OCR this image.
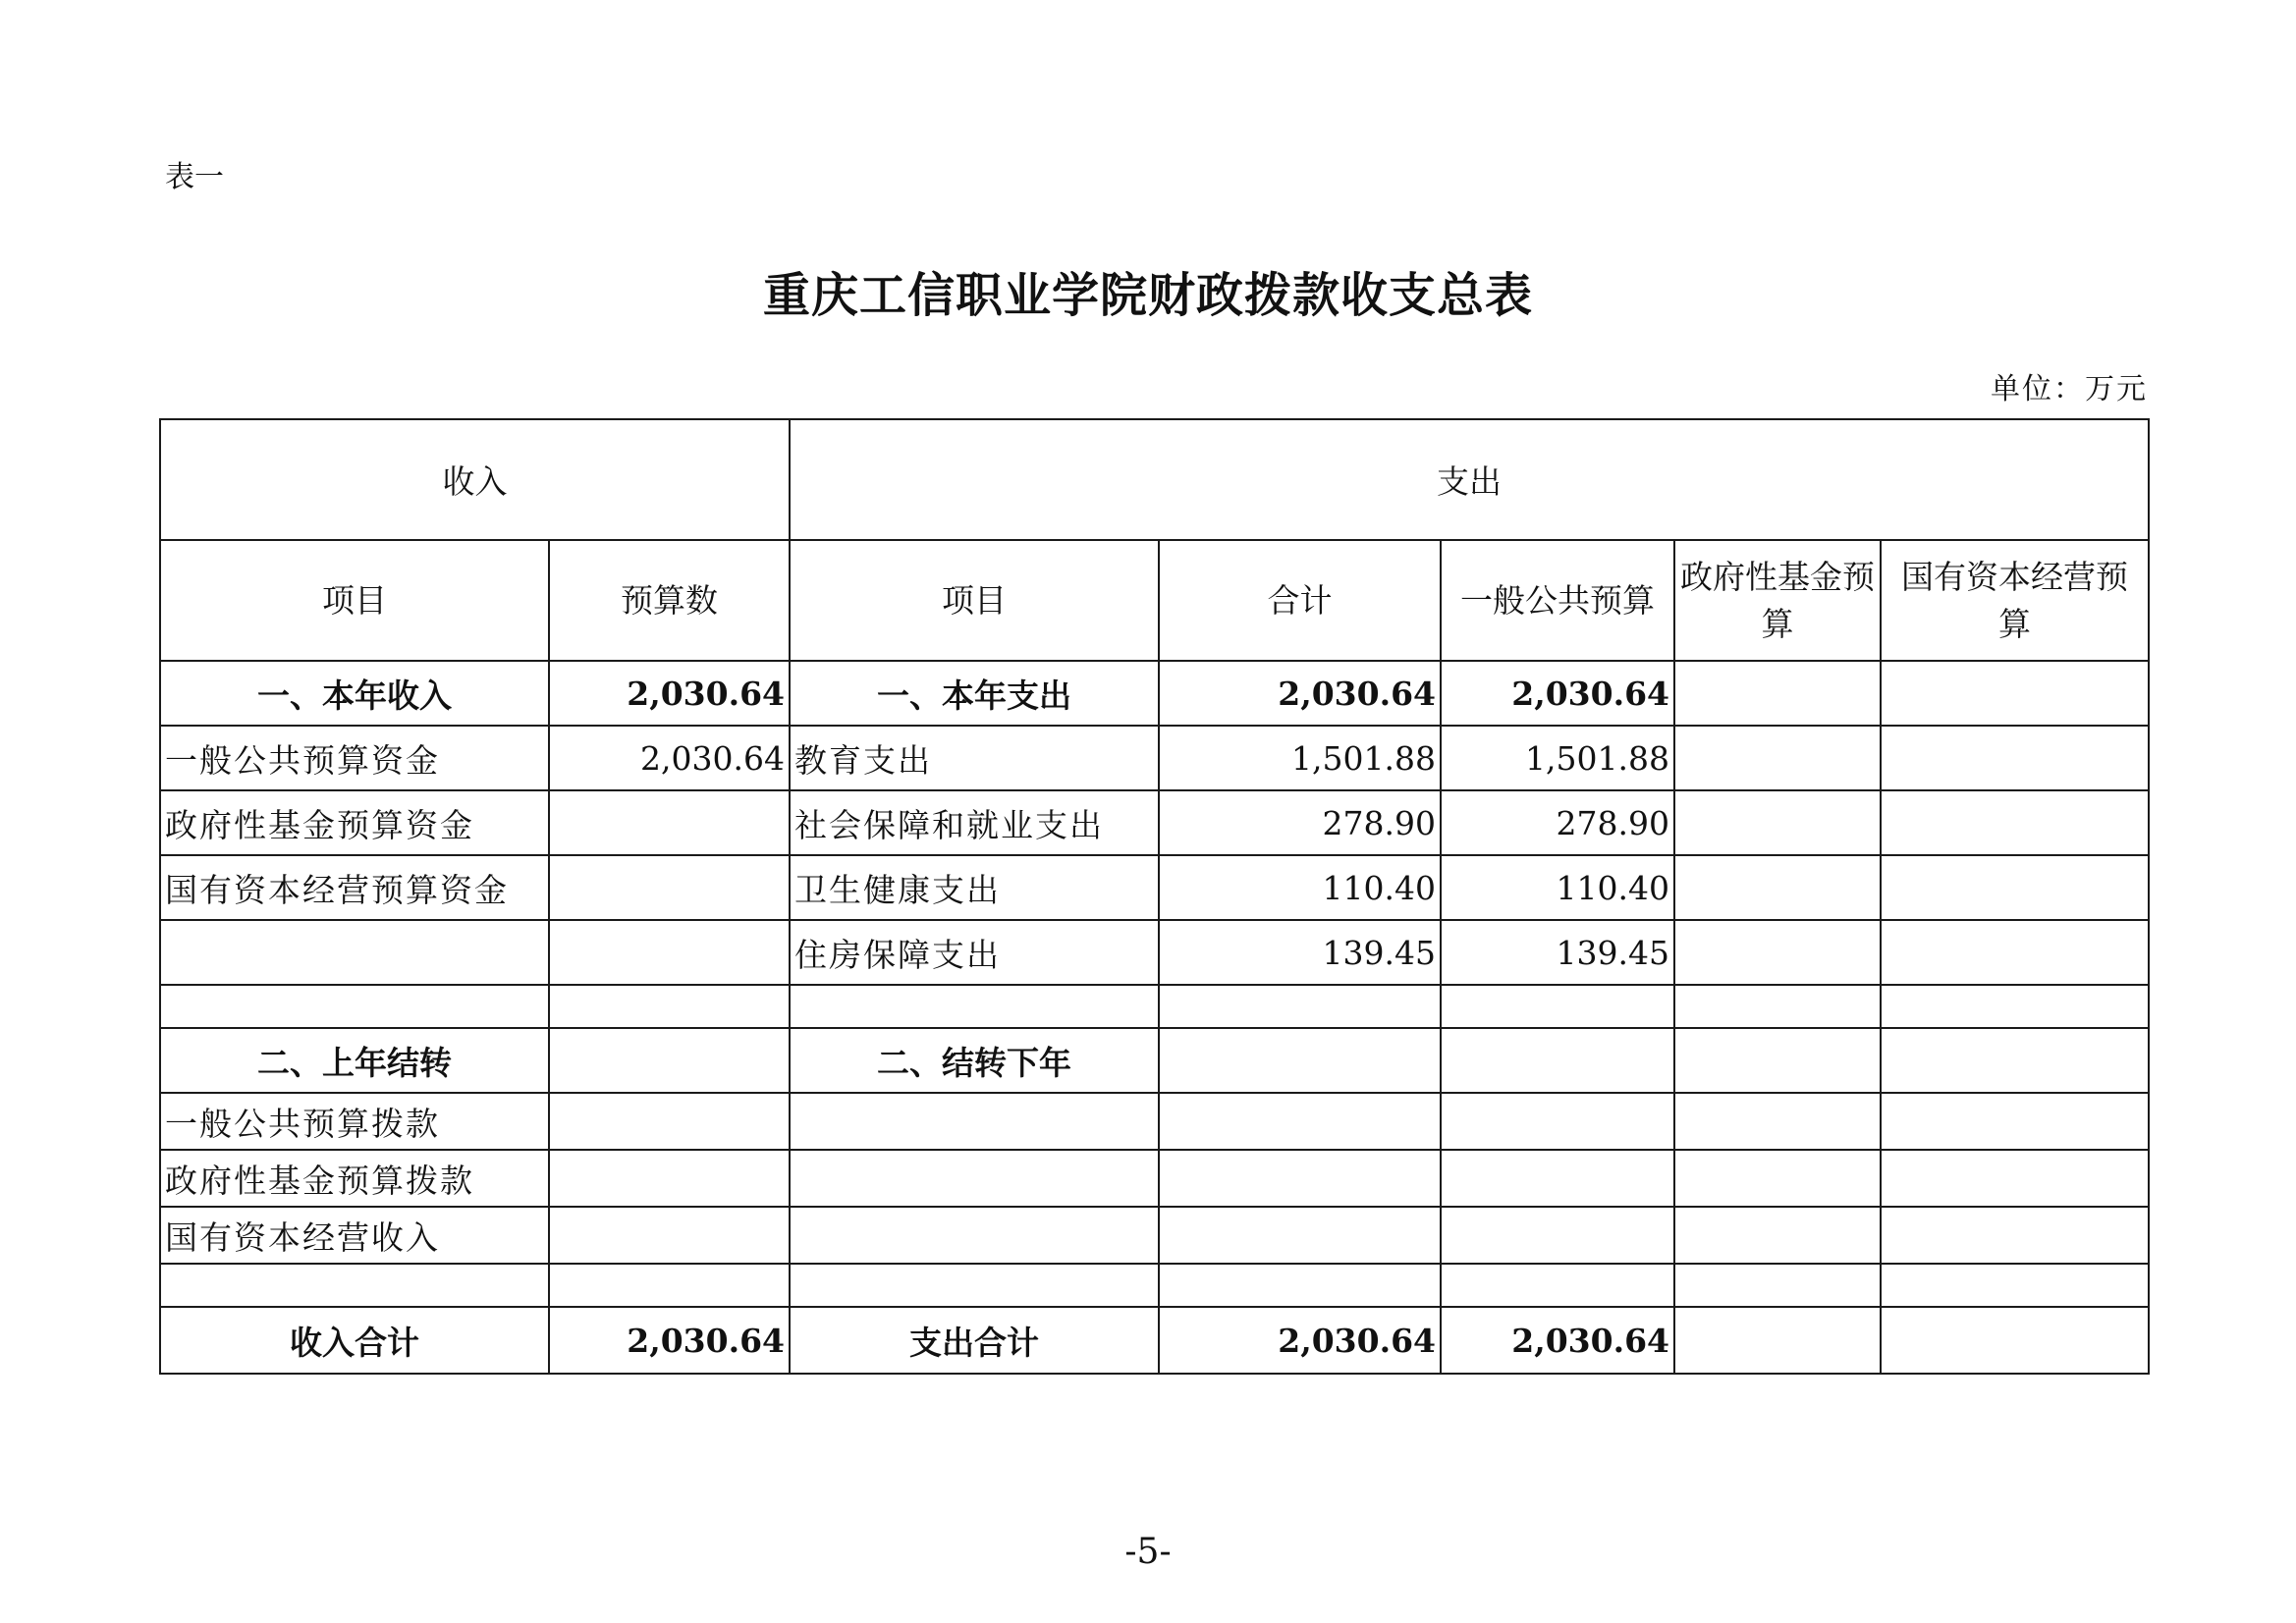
表一
重庆工信职业学院财政拨款收支总表
单位：万元
收入		支出				
项目	预算数	项目	合计	一般公共预算	政府性基金预算	国有资本经营预算
一、本年收入	2,030.64	一、本年支出	2,030.64	2,030.64		
一般公共预算资金	2,030.64	教育支出	1,501.88	1,501.88		
政府性基金预算资金		社会保障和就业支出	278.90	278.90		
国有资本经营预算资金		卫生健康支出	110.40	110.40		
		住房保障支出	139.45	139.45		

二、上年结转		二、结转下年				
一般公共预算拨款						
政府性基金预算拨款						
国有资本经营收入						

收入合计	2,030.64	支出合计	2,030.64	2,030.64		
-5-
